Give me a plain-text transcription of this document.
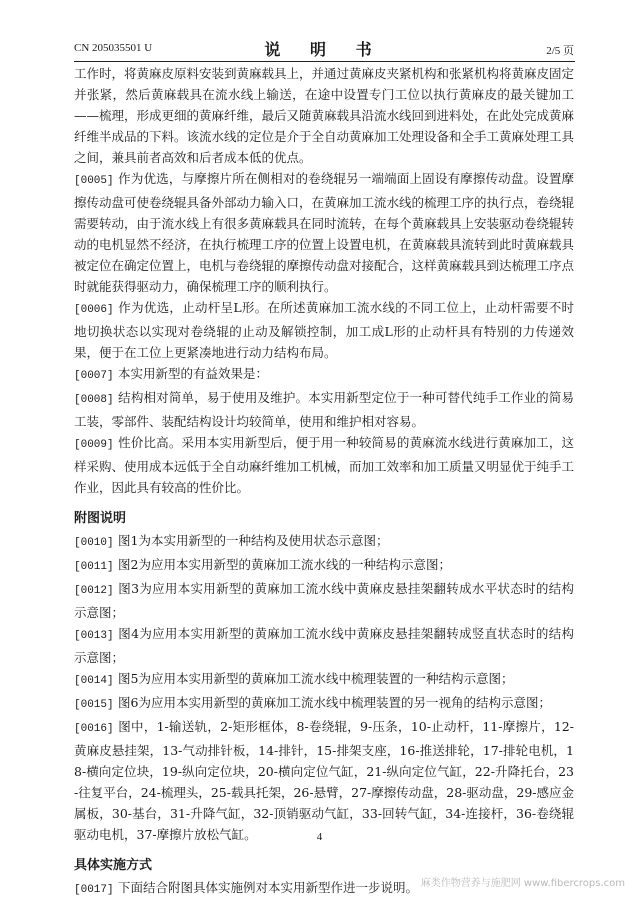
CN 205035501 U	说 明 书	2/5 页

工作时，将黄麻皮原料安装到黄麻载具上，并通过黄麻皮夹紧机构和张紧机构将黄麻皮固定并张紧，然后黄麻载具在流水线上输送，在途中设置专门工位以执行黄麻皮的最关键加工——梳理，形成更细的黄麻纤维，最后又随黄麻载具沿流水线回到进料处，在此处完成黄麻纤维半成品的下料。该流水线的定位是介于全自动黄麻加工处理设备和全手工黄麻处理工具之间，兼具前者高效和后者成本低的优点。

[0005] 作为优选，与摩擦片所在侧相对的卷绕辊另一端端面上固设有摩擦传动盘。设置摩擦传动盘可使卷绕辊具备外部动力输入口，在黄麻加工流水线的梳理工序的执行点，卷绕辊需要转动，由于流水线上有很多黄麻载具在同时流转，在每个黄麻载具上安装驱动卷绕辊转动的电机显然不经济，在执行梳理工序的位置上设置电机，在黄麻载具流转到此时黄麻载具被定位在确定位置上，电机与卷绕辊的摩擦传动盘对接配合，这样黄麻载具到达梳理工序点时就能获得驱动力，确保梳理工序的顺利执行。

[0006] 作为优选，止动杆呈L形。在所述黄麻加工流水线的不同工位上，止动杆需要不时地切换状态以实现对卷绕辊的止动及解锁控制，加工成L形的止动杆具有特别的力传递效果，便于在工位上更紧凑地进行动力结构布局。

[0007] 本实用新型的有益效果是：

[0008] 结构相对简单，易于使用及维护。本实用新型定位于一种可替代纯手工作业的简易工装，零部件、装配结构设计均较简单，使用和维护相对容易。

[0009] 性价比高。采用本实用新型后，便于用一种较简易的黄麻流水线进行黄麻加工，这样采购、使用成本远低于全自动麻纤维加工机械，而加工效率和加工质量又明显优于纯手工作业，因此具有较高的性价比。

附图说明

[0010] 图1为本实用新型的一种结构及使用状态示意图；

[0011] 图2为应用本实用新型的黄麻加工流水线的一种结构示意图；

[0012] 图3为应用本实用新型的黄麻加工流水线中黄麻皮悬挂架翻转成水平状态时的结构示意图；

[0013] 图4为应用本实用新型的黄麻加工流水线中黄麻皮悬挂架翻转成竖直状态时的结构示意图；

[0014] 图5为应用本实用新型的黄麻加工流水线中梳理装置的一种结构示意图；

[0015] 图6为应用本实用新型的黄麻加工流水线中梳理装置的另一视角的结构示意图；

[0016] 图中，1-输送轨，2-矩形框体，8-卷绕辊，9-压条，10-止动杆，11-摩擦片，12-黄麻皮悬挂架，13-气动排针板，14-排针，15-排架支座，16-推送排轮，17-排轮电机，18-横向定位块，19-纵向定位块，20-横向定位气缸，21-纵向定位气缸，22-升降托台，23-往复平台，24-梳理头，25-载具托架，26-悬臂，27-摩擦传动盘，28-驱动盘，29-感应金属板，30-基台，31-升降气缸，32-顶销驱动气缸，33-回转气缸，34-连接杆，36-卷绕辊驱动电机，37-摩擦片放松气缸。

具体实施方式

[0017] 下面结合附图具体实施例对本实用新型作进一步说明。

4
麻类作物营养与施肥网 www.fibercrops.com
